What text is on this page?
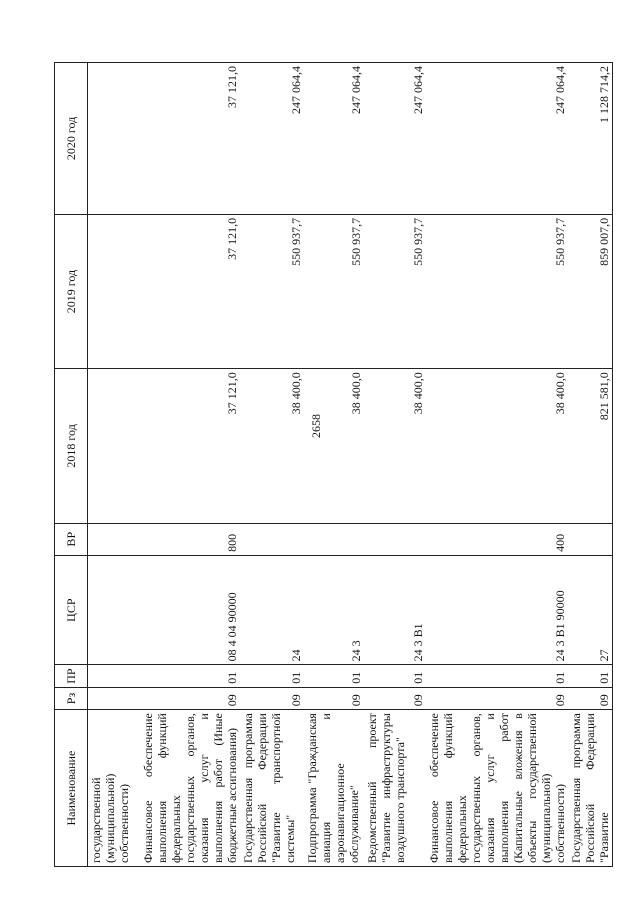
2658
Наименование	Рз	ПР	ЦСР	ВР	2018 год	2019 год	2020 год
государственной (муниципальной) собственности)							
Финансовое обеспечение выполнения функций федеральных государственных органов, оказания услуг и выполнения работ (Иные бюджетные ассигнования)	09	01	08 4 04 90000	800	37 121,0	37 121,0	37 121,0
Государственная программа Российской Федерации "Развитие транспортной системы"	09	01	24		38 400,0	550 937,7	247 064,4
Подпрограмма "Гражданская авиация и аэронавигационное обслуживание"	09	01	24 3		38 400,0	550 937,7	247 064,4
Ведомственный проект "Развитие инфраструктуры воздушного транспорта"	09	01	24 3 B1		38 400,0	550 937,7	247 064,4
Финансовое обеспечение выполнения функций федеральных государственных органов, оказания услуг и выполнения работ (Капитальные вложения в объекты государственной (муниципальной) собственности)	09	01	24 3 B1 90000	400	38 400,0	550 937,7	247 064,4
Государственная программа Российской Федерации "Развитие	09	01	27		821 581,0	859 007,0	1 128 714,2
